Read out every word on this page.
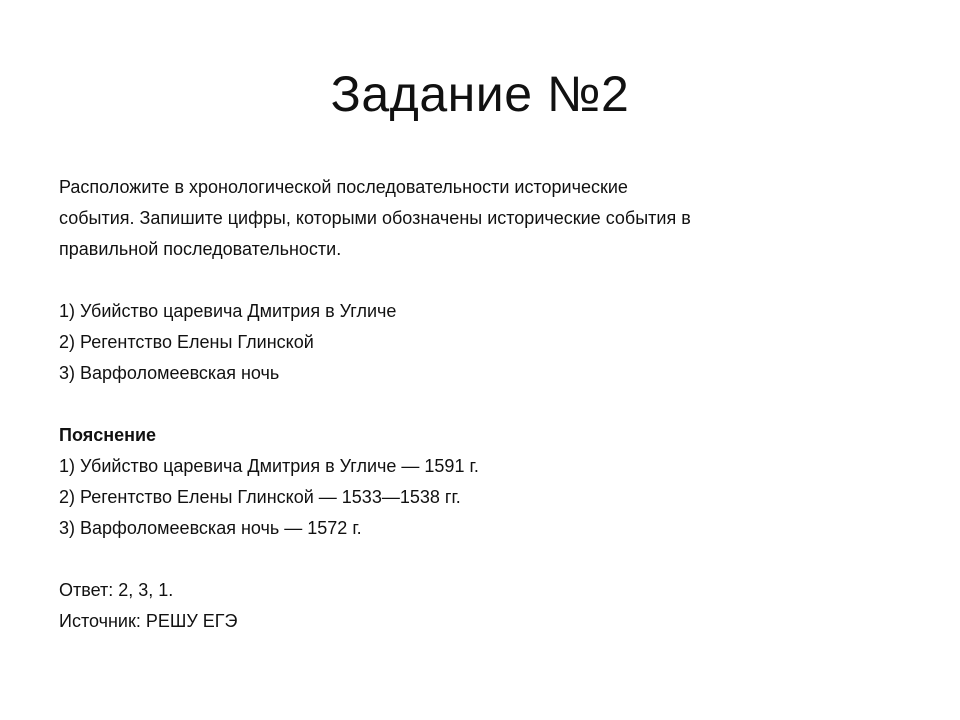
Задание №2
Расположите в хронологической последовательности исторические
события. Запишите цифры, которыми обозначены исторические события в
правильной последовательности.
1) Убийство царевича Дмитрия в Угличе
2) Регентство Елены Глинской
3) Варфоломеевская ночь
Пояснение
1) Убийство царевича Дмитрия в Угличе — 1591 г.
2) Регентство Елены Глинской — 1533—1538 гг.
3) Варфоломеевская ночь — 1572 г.
Ответ: 2, 3, 1.
Источник: РЕШУ ЕГЭ
